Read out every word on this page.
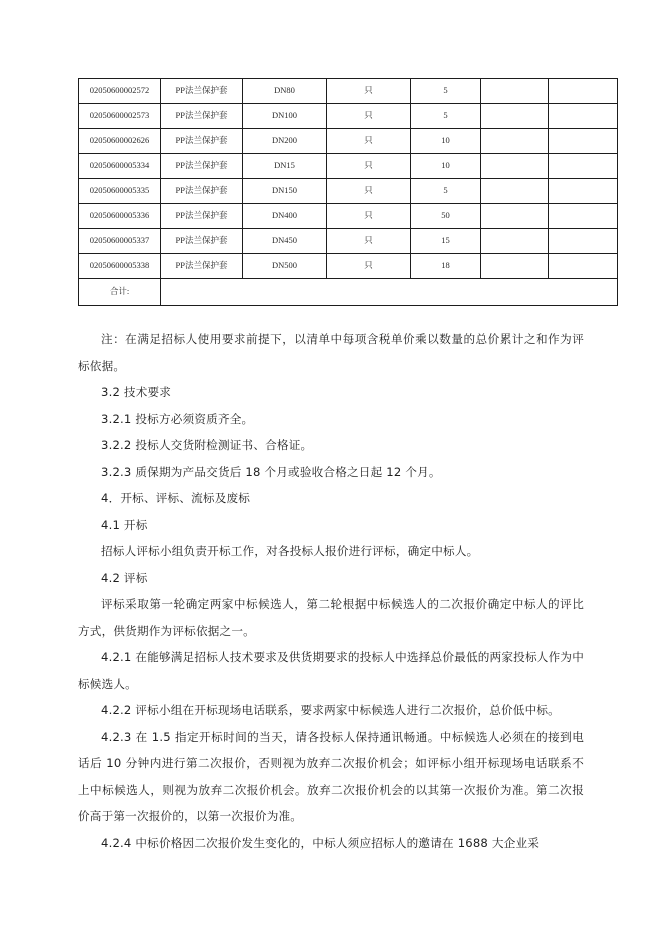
02050600002572	PP法兰保护套	DN80	只	5		
02050600002573	PP法兰保护套	DN100	只	5		
02050600002626	PP法兰保护套	DN200	只	10		
02050600005334	PP法兰保护套	DN15	只	10		
02050600005335	PP法兰保护套	DN150	只	5		
02050600005336	PP法兰保护套	DN400	只	50		
02050600005337	PP法兰保护套	DN450	只	15		
02050600005338	PP法兰保护套	DN500	只	18		
合计:						

注：在满足招标人使用要求前提下，以清单中每项含税单价乘以数量的总价累计之和作为评标依据。

3.2 技术要求

3.2.1 投标方必须资质齐全。

3.2.2 投标人交货附检测证书、合格证。

3.2.3 质保期为产品交货后 18 个月或验收合格之日起 12 个月。

4．开标、评标、流标及废标

4.1 开标

招标人评标小组负责开标工作，对各投标人报价进行评标，确定中标人。

4.2 评标

评标采取第一轮确定两家中标候选人，第二轮根据中标候选人的二次报价确定中标人的评比方式，供货期作为评标依据之一。

4.2.1 在能够满足招标人技术要求及供货期要求的投标人中选择总价最低的两家投标人作为中标候选人。

4.2.2 评标小组在开标现场电话联系，要求两家中标候选人进行二次报价，总价低中标。

4.2.3 在 1.5 指定开标时间的当天，请各投标人保持通讯畅通。中标候选人必须在的接到电话后 10 分钟内进行第二次报价，否则视为放弃二次报价机会；如评标小组开标现场电话联系不上中标候选人，则视为放弃二次报价机会。放弃二次报价机会的以其第一次报价为准。第二次报价高于第一次报价的，以第一次报价为准。

4.2.4 中标价格因二次报价发生变化的，中标人须应招标人的邀请在 1688 大企业采
